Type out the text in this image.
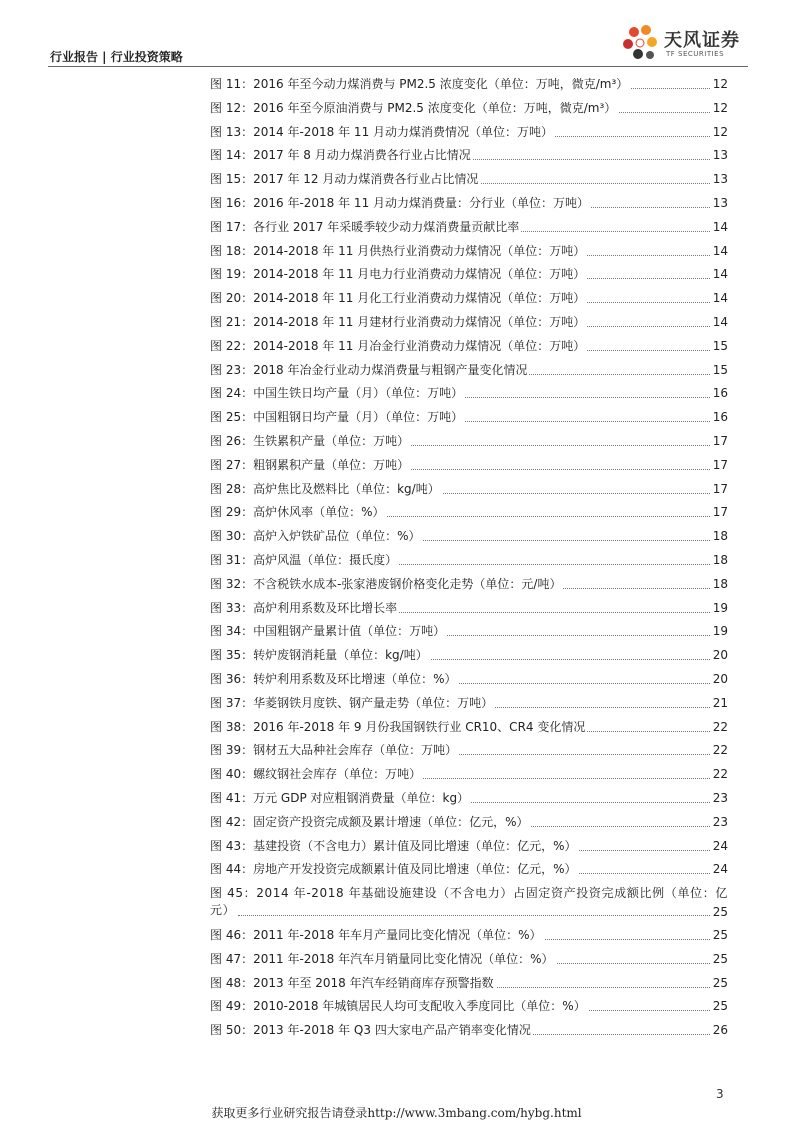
行业报告 | 行业投资策略
天风证券
TF SECURITIES
图 11：2016 年至今动力煤消费与 PM2.5 浓度变化（单位：万吨，微克/m³）	12
图 12：2016 年至今原油消费与 PM2.5 浓度变化（单位：万吨，微克/m³）	12
图 13：2014 年-2018 年 11 月动力煤消费情况（单位：万吨）	12
图 14：2017 年 8 月动力煤消费各行业占比情况	13
图 15：2017 年 12 月动力煤消费各行业占比情况	13
图 16：2016 年-2018 年 11 月动力煤消费量：分行业（单位：万吨）	13
图 17：各行业 2017 年采暖季较少动力煤消费量贡献比率	14
图 18：2014-2018 年 11 月供热行业消费动力煤情况（单位：万吨）	14
图 19：2014-2018 年 11 月电力行业消费动力煤情况（单位：万吨）	14
图 20：2014-2018 年 11 月化工行业消费动力煤情况（单位：万吨）	14
图 21：2014-2018 年 11 月建材行业消费动力煤情况（单位：万吨）	14
图 22：2014-2018 年 11 月冶金行业消费动力煤情况（单位：万吨）	15
图 23：2018 年冶金行业动力煤消费量与粗钢产量变化情况	15
图 24：中国生铁日均产量（月）（单位：万吨）	16
图 25：中国粗钢日均产量（月）（单位：万吨）	16
图 26：生铁累积产量（单位：万吨）	17
图 27：粗钢累积产量（单位：万吨）	17
图 28：高炉焦比及燃料比（单位：kg/吨）	17
图 29：高炉休风率（单位：%）	17
图 30：高炉入炉铁矿品位（单位：%）	18
图 31：高炉风温（单位：摄氏度）	18
图 32：不含税铁水成本-张家港废钢价格变化走势（单位：元/吨）	18
图 33：高炉利用系数及环比增长率	19
图 34：中国粗钢产量累计值（单位：万吨）	19
图 35：转炉废钢消耗量（单位：kg/吨）	20
图 36：转炉利用系数及环比增速（单位：%）	20
图 37：华菱钢铁月度铁、钢产量走势（单位：万吨）	21
图 38：2016 年-2018 年 9 月份我国钢铁行业 CR10、CR4 变化情况	22
图 39：钢材五大品种社会库存（单位：万吨）	22
图 40：螺纹钢社会库存（单位：万吨）	22
图 41：万元 GDP 对应粗钢消费量（单位：kg）	23
图 42：固定资产投资完成额及累计增速（单位：亿元，%）	23
图 43：基建投资（不含电力）累计值及同比增速（单位：亿元，%）	24
图 44：房地产开发投资完成额累计值及同比增速（单位：亿元，%）	24
图 45：2014 年-2018 年基础设施建设（不含电力）占固定资产投资完成额比例（单位：亿元）	25
图 46：2011 年-2018 年车月产量同比变化情况（单位：%）	25
图 47：2011 年-2018 年汽车月销量同比变化情况（单位：%）	25
图 48：2013 年至 2018 年汽车经销商库存预警指数	25
图 49：2010-2018 年城镇居民人均可支配收入季度同比（单位：%）	25
图 50：2013 年-2018 年 Q3 四大家电产品产销率变化情况	26
3
获取更多行业研究报告请登录http://www.3mbang.com/hybg.html
